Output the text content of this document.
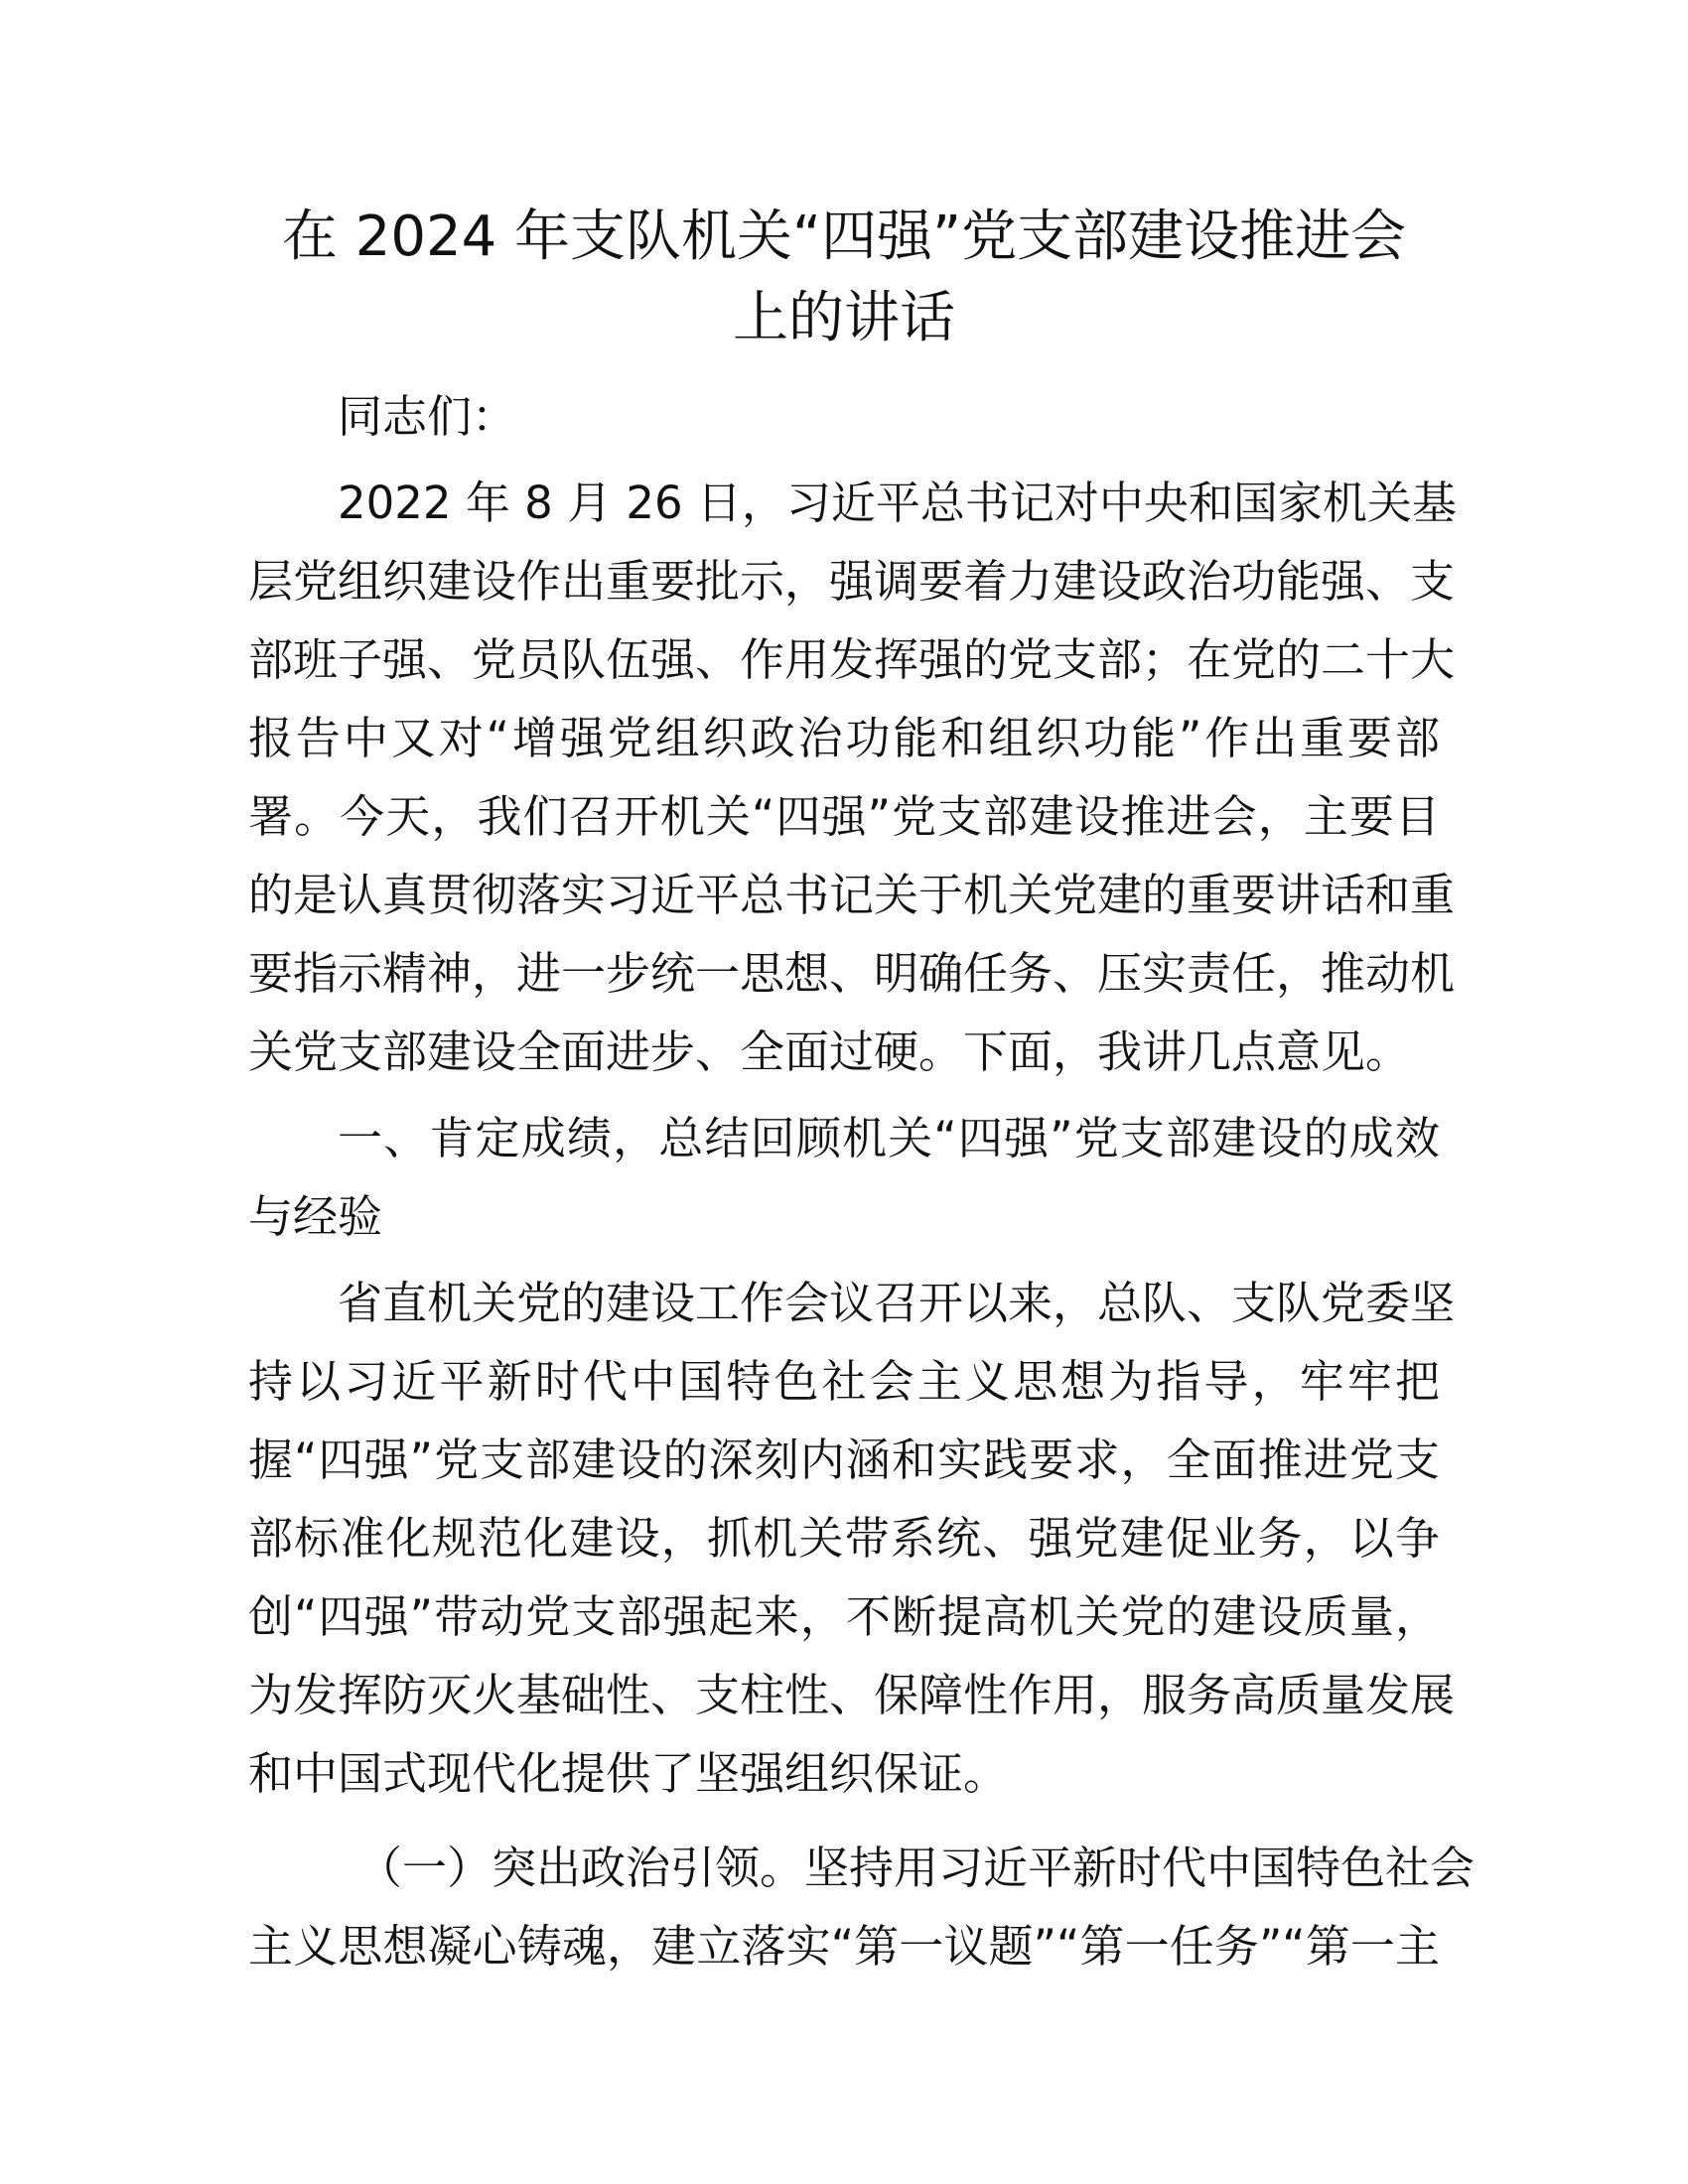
在 2024 年支队机关“四强”党支部建设推进会
上的讲话
同志们：
2022 年 8 月 26 日，习近平总书记对中央和国家机关基
层党组织建设作出重要批示，强调要着力建设政治功能强、支
部班子强、党员队伍强、作用发挥强的党支部；在党的二十大
报告中又对“增强党组织政治功能和组织功能”作出重要部
署。今天，我们召开机关“四强”党支部建设推进会，主要目
的是认真贯彻落实习近平总书记关于机关党建的重要讲话和重
要指示精神，进一步统一思想、明确任务、压实责任，推动机
关党支部建设全面进步、全面过硬。下面，我讲几点意见。
一、肯定成绩，总结回顾机关“四强”党支部建设的成效
与经验
省直机关党的建设工作会议召开以来，总队、支队党委坚
持以习近平新时代中国特色社会主义思想为指导，牢牢把
握“四强”党支部建设的深刻内涵和实践要求，全面推进党支
部标准化规范化建设，抓机关带系统、强党建促业务，以争
创“四强”带动党支部强起来，不断提高机关党的建设质量，
为发挥防灭火基础性、支柱性、保障性作用，服务高质量发展
和中国式现代化提供了坚强组织保证。
（一）突出政治引领。坚持用习近平新时代中国特色社会
主义思想凝心铸魂，建立落实“第一议题”“第一任务”“第一主
